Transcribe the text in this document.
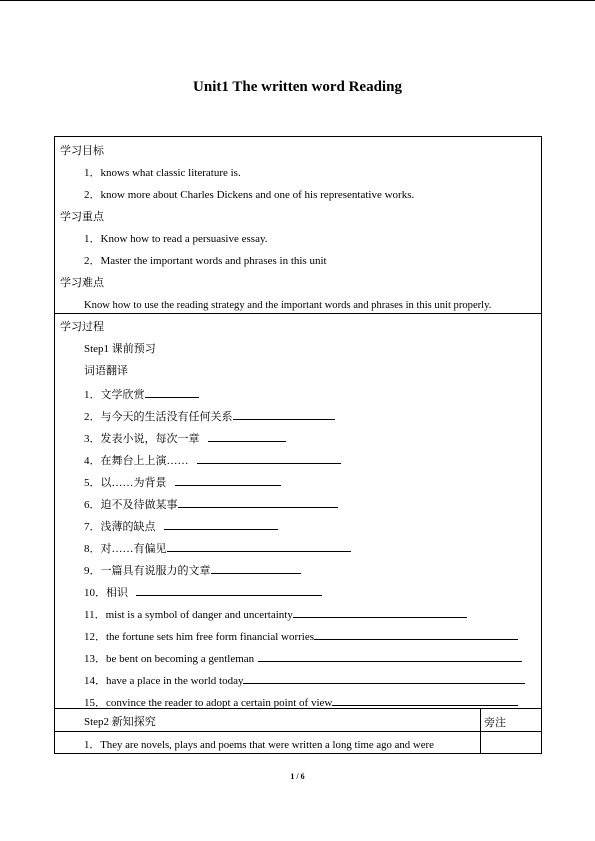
Unit1 The written word Reading
学习目标
1．knows what classic literature is.
2．know more about Charles Dickens and one of his representative works.
学习重点
1．Know how to read a persuasive essay.
2．Master the important words and phrases in this unit
学习难点
Know how to use the reading strategy and the important words and phrases in this unit properly.
学习过程
Step1 课前预习
词语翻译
1．文学欣赏
2．与今天的生活没有任何关系
3．发表小说，每次一章
4．在舞台上上演……
5．以……为背景
6．迫不及待做某事
7．浅薄的缺点
8．对……有偏见
9．一篇具有说服力的文章
10．相识
11．mist is a symbol of danger and uncertainty
12．the fortune sets him free form financial worries
13．be bent on becoming a gentleman
14．have a place in the world today
15．convince the reader to adopt a certain point of view
Step2 新知探究	旁注
1．They are novels, plays and poems that were written a long time ago and were
1 / 6
